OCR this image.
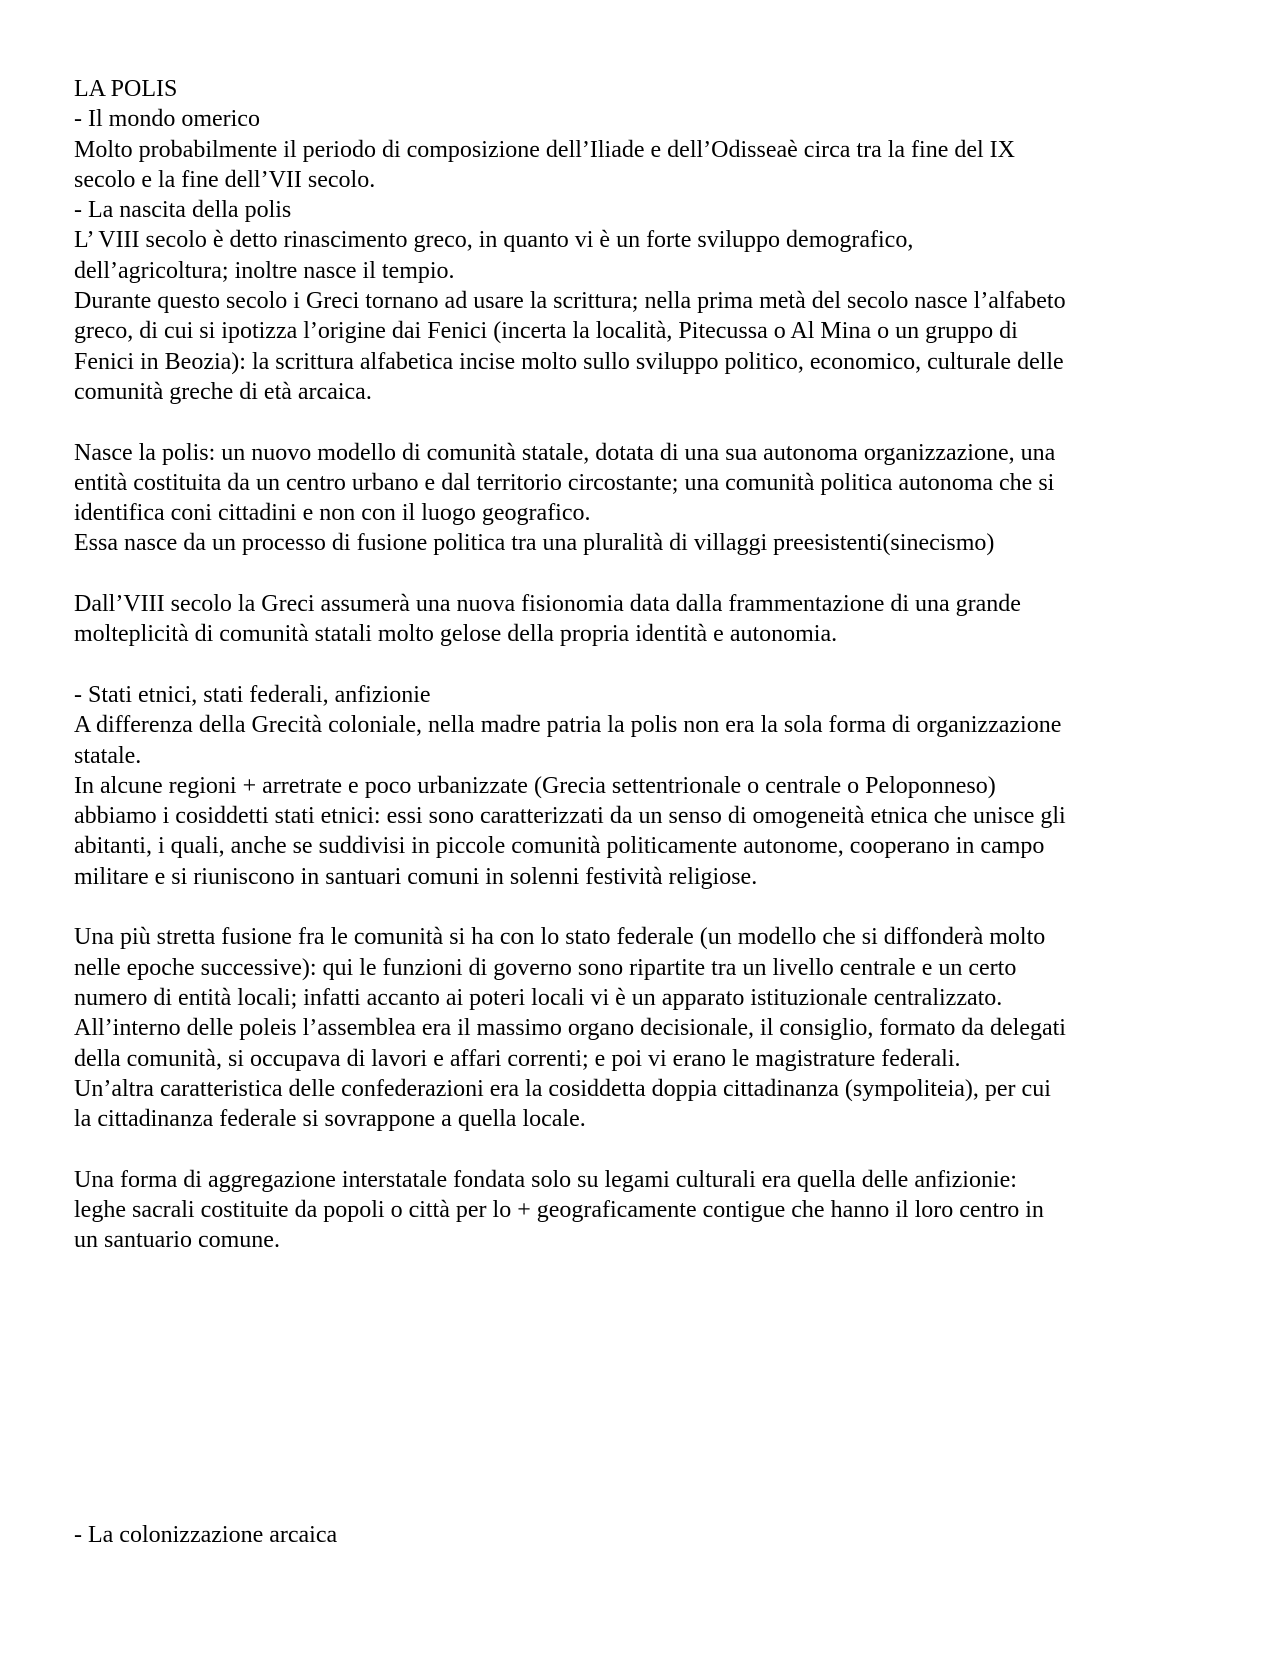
LA POLIS
- Il mondo omerico
Molto probabilmente il periodo di composizione dell’Iliade e dell’Odisseaè circa tra la fine del IX
secolo e la fine dell’VII secolo.
- La nascita della polis
L’ VIII secolo è detto rinascimento greco, in quanto vi è un forte sviluppo demografico,
dell’agricoltura; inoltre nasce il tempio.
Durante questo secolo i Greci tornano ad usare la scrittura; nella prima metà del secolo nasce l’alfabeto
greco, di cui si ipotizza l’origine dai Fenici (incerta la località, Pitecussa o Al Mina o un gruppo di
Fenici in Beozia): la scrittura alfabetica incise molto sullo sviluppo politico, economico, culturale delle
comunità greche di età arcaica.
Nasce la polis: un nuovo modello di comunità statale, dotata di una sua autonoma organizzazione, una
entità costituita da un centro urbano e dal territorio circostante; una comunità politica autonoma che si
identifica coni cittadini e non con il luogo geografico.
Essa nasce da un processo di fusione politica tra una pluralità di villaggi preesistenti(sinecismo)
Dall’VIII secolo la Greci assumerà una nuova fisionomia data dalla frammentazione di una grande
molteplicità di comunità statali molto gelose della propria identità e autonomia.
- Stati etnici, stati federali, anfizionie
A differenza della Grecità coloniale, nella madre patria la polis non era la sola forma di organizzazione
statale.
In alcune regioni + arretrate e poco urbanizzate (Grecia settentrionale o centrale o Peloponneso)
abbiamo i cosiddetti stati etnici: essi sono caratterizzati da un senso di omogeneità etnica che unisce gli
abitanti, i quali, anche se suddivisi in piccole comunità politicamente autonome, cooperano in campo
militare e si riuniscono in santuari comuni in solenni festività religiose.
Una più stretta fusione fra le comunità si ha con lo stato federale (un modello che si diffonderà molto
nelle epoche successive): qui le funzioni di governo sono ripartite tra un livello centrale e un certo
numero di entità locali; infatti accanto ai poteri locali vi è un apparato istituzionale centralizzato.
All’interno delle poleis l’assemblea era il massimo organo decisionale, il consiglio, formato da delegati
della comunità, si occupava di lavori e affari correnti; e poi vi erano le magistrature federali.
Un’altra caratteristica delle confederazioni era la cosiddetta doppia cittadinanza (sympoliteia), per cui
la cittadinanza federale si sovrappone a quella locale.
Una forma di aggregazione interstatale fondata solo su legami culturali era quella delle anfizionie:
leghe sacrali costituite da popoli o città per lo + geograficamente contigue che hanno il loro centro in
un santuario comune.
- La colonizzazione arcaica
